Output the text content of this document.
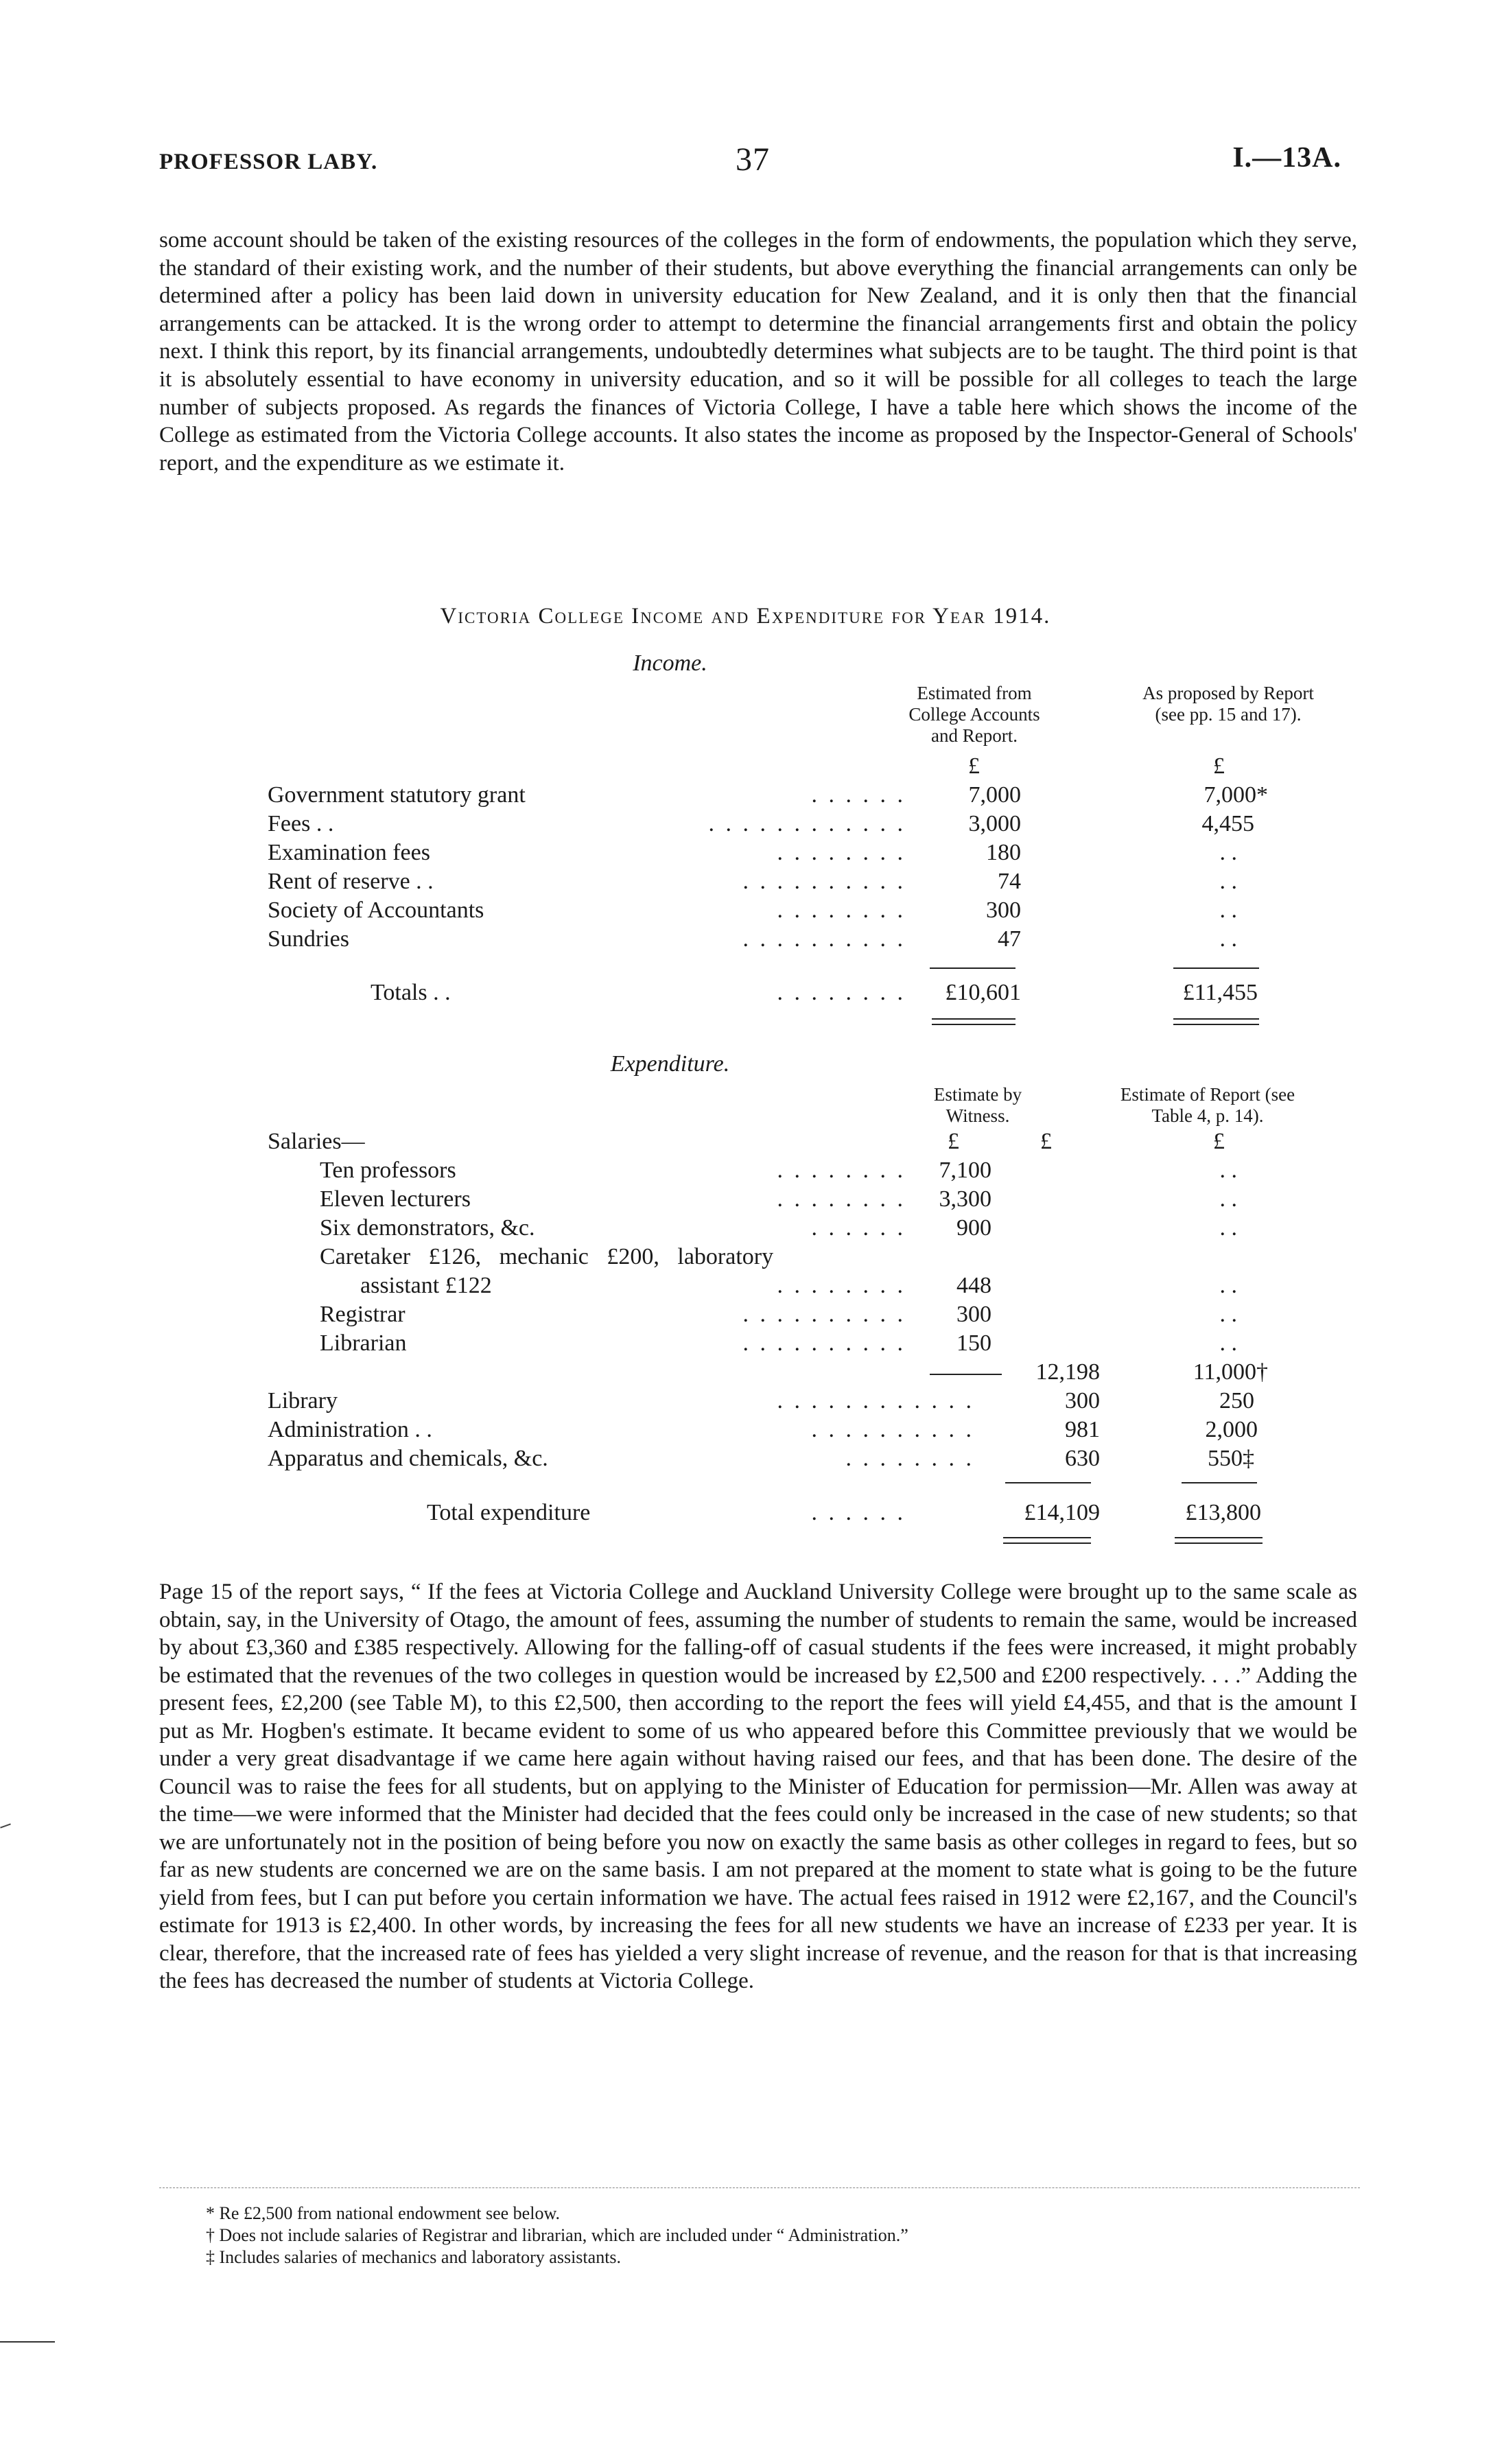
PROFESSOR LABY.	37	I.—13A.
some account should be taken of the existing resources of the colleges in the form of endowments, the population which they serve, the standard of their existing work, and the number of their students, but above everything the financial arrangements can only be determined after a policy has been laid down in university education for New Zealand, and it is only then that the financial arrangements can be attacked. It is the wrong order to attempt to determine the financial arrangements first and obtain the policy next. I think this report, by its financial arrangements, undoubtedly determines what subjects are to be taught. The third point is that it is absolutely essential to have economy in university education, and so it will be possible for all colleges to teach the large number of subjects proposed. As regards the finances of Victoria College, I have a table here which shows the income of the College as estimated from the Victoria College accounts. It also states the income as proposed by the Inspector-General of Schools' report, and the expenditure as we estimate it.
Victoria College Income and Expenditure for Year 1914.
Income.
Estimated from College Accounts and Report.
As proposed by Report (see pp. 15 and 17).
£	£
Government statutory grant	. . . . . .	7,000	7,000*
Fees . .	. . . . . . . . . . . .	3,000	4,455
Examination fees	. . . . . . . .	180	. .
Rent of reserve . .	. . . . . . . . . .	74	. .
Society of Accountants	. . . . . . . .	300	. .
Sundries	. . . . . . . . . .	47	. .
Totals . .	. . . . . . . . £10,601	£11,455
Expenditure.
Estimate by Witness.
Estimate of Report (see Table 4, p. 14).
Salaries—	£	£	£
Ten professors	. . . . . . . . 7,100	. .
Eleven lecturers	. . . . . . . . 3,300	. .
Six demonstrators, &c.	. . . . . . 900	. .
Caretaker £126, mechanic £200, laboratory
assistant £122	. . . . . . . . 448	. .
Registrar	. . . . . . . . . . 300	. .
Librarian	. . . . . . . . . . 150	. .
12,198	11,000†
Library	. . . . . . . . . . . .	300	250
Administration . .	. . . . . . . . . .	981	2,000
Apparatus and chemicals, &c.	. . . . . . . .	630	550‡
Total expenditure	. . . . . .	£14,109	£13,800
Page 15 of the report says, “ If the fees at Victoria College and Auckland University College were brought up to the same scale as obtain, say, in the University of Otago, the amount of fees, assuming the number of students to remain the same, would be increased by about £3,360 and £385 respectively. Allowing for the falling-off of casual students if the fees were increased, it might probably be estimated that the revenues of the two colleges in question would be increased by £2,500 and £200 respectively. . . .” Adding the present fees, £2,200 (see Table M), to this £2,500, then according to the report the fees will yield £4,455, and that is the amount I put as Mr. Hogben's estimate. It became evident to some of us who appeared before this Committee previously that we would be under a very great disadvantage if we came here again without having raised our fees, and that has been done. The desire of the Council was to raise the fees for all students, but on applying to the Minister of Education for permission—Mr. Allen was away at the time—we were informed that the Minister had decided that the fees could only be increased in the case of new students; so that we are unfortunately not in the position of being before you now on exactly the same basis as other colleges in regard to fees, but so far as new students are concerned we are on the same basis. I am not prepared at the moment to state what is going to be the future yield from fees, but I can put before you certain information we have. The actual fees raised in 1912 were £2,167, and the Council's estimate for 1913 is £2,400. In other words, by increasing the fees for all new students we have an increase of £233 per year. It is clear, therefore, that the increased rate of fees has yielded a very slight increase of revenue, and the reason for that is that increasing the fees has decreased the number of students at Victoria College.
* Re £2,500 from national endowment see below.
† Does not include salaries of Registrar and librarian, which are included under “ Administration.”
‡ Includes salaries of mechanics and laboratory assistants.
